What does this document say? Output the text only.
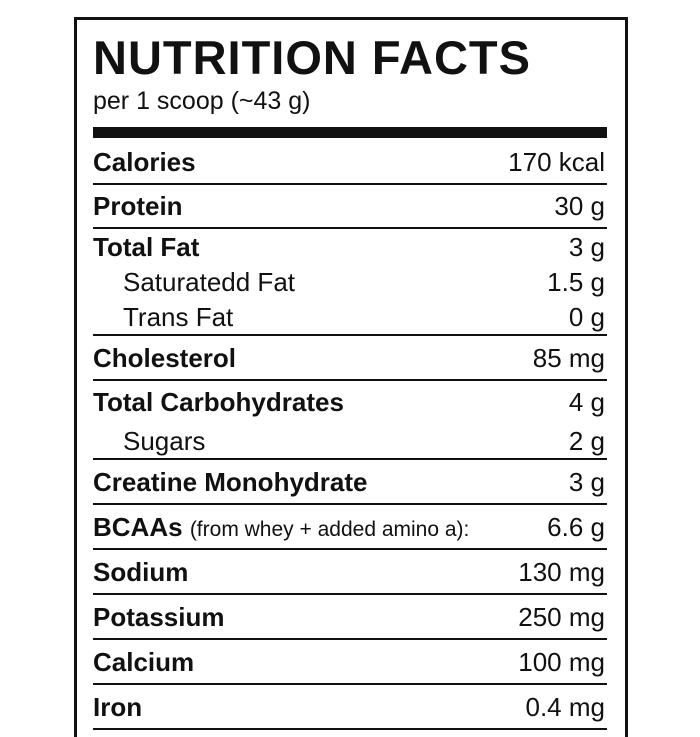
NUTRITION FACTS
per 1 scoop (~43 g)
Calories	170 kcal
Protein	30 g
Total Fat	3 g
Saturatedd Fat	1.5 g
Trans Fat	0 g
Cholesterol	85 mg
Total Carbohydrates	4 g
Sugars	2 g
Creatine Monohydrate	3 g
BCAAs (from whey + added amino a):	6.6 g
Sodium	130 mg
Potassium	250 mg
Calcium	100 mg
Iron	0.4 mg
